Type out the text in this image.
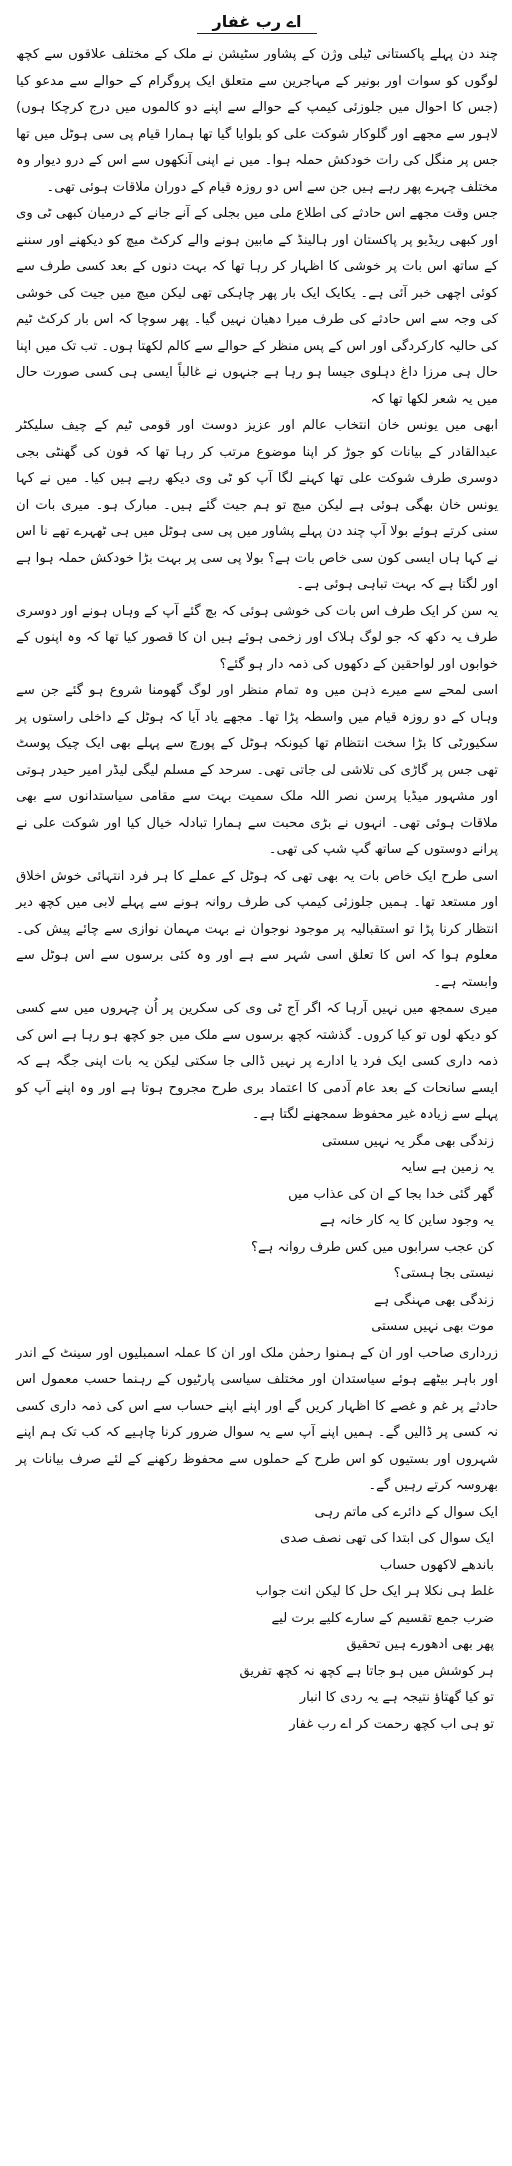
اے رب غفار

چند دن پہلے پاکستانی ٹیلی وژن کے پشاور سٹیشن نے ملک کے مختلف علاقوں سے کچھ لوگوں کو سوات اور بونیر کے مہاجرین سے متعلق ایک پروگرام کے حوالے سے مدعو کیا (جس کا احوال میں جلوزئی کیمپ کے حوالے سے اپنے دو کالموں میں درج کرچکا ہوں) لاہور سے مجھے اور گلوکار شوکت علی کو بلوایا گیا تھا ہمارا قیام پی سی ہوٹل میں تھا جس پر منگل کی رات خودکش حملہ ہوا۔ میں نے اپنی آنکھوں سے اس کے درو دیوار وہ مختلف چہرے پھر رہے ہیں جن سے اس دو روزہ قیام کے دوران ملاقات ہوئی تھی۔

جس وقت مجھے اس حادثے کی اطلاع ملی میں بجلی کے آنے جانے کے درمیان کبھی ٹی وی اور کبھی ریڈیو پر پاکستان اور ہالینڈ کے مابین ہونے والے کرکٹ میچ کو دیکھنے اور سننے کے ساتھ اس بات پر خوشی کا اظہار کر رہا تھا کہ بہت دنوں کے بعد کسی طرف سے کوئی اچھی خبر آئی ہے۔ یکایک ایک بار پھر چاہکی تھی لیکن میچ میں جیت کی خوشی کی وجہ سے اس حادثے کی طرف میرا دھیان نہیں گیا۔ پھر سوچا کہ اس بار کرکٹ ٹیم کی حالیہ کارکردگی اور اس کے پس منظر کے حوالے سے کالم لکھتا ہوں۔ تب تک میں اپنا حال ہی مرزا داغ دہلوی جیسا ہو رہا ہے جنہوں نے غالباً ایسی ہی کسی صورت حال میں یہ شعر لکھا تھا کہ

ابھی میں یونس خان انتخاب عالم اور عزیز دوست اور قومی ٹیم کے چیف سلیکٹر عبدالقادر کے بیانات کو جوڑ کر اپنا موضوع مرتب کر رہا تھا کہ فون کی گھنٹی بجی دوسری طرف شوکت علی تھا کہنے لگا آپ کو ٹی وی دیکھ رہے ہیں کیا۔ میں نے کہا یونس خان بھگی ہوئی ہے لیکن میچ تو ہم جیت گئے ہیں۔ مبارک ہو۔ میری بات ان سنی کرتے ہوئے بولا آپ چند دن پہلے پشاور میں پی سی ہوٹل میں ہی ٹھہرے تھے نا اس نے کہا ہاں ایسی کون سی خاص بات ہے؟ بولا پی سی پر بہت بڑا خودکش حملہ ہوا ہے اور لگتا ہے کہ بہت تباہی ہوئی ہے۔

یہ سن کر ایک طرف اس بات کی خوشی ہوئی کہ بچ گئے آپ کے وہاں ہونے اور دوسری طرف یہ دکھ کہ جو لوگ ہلاک اور زخمی ہوئے ہیں ان کا قصور کیا تھا کہ وہ اپنوں کے خوابوں اور لواحقین کے دکھوں کی ذمہ دار ہو گئے؟

اسی لمحے سے میرے ذہن میں وہ تمام منظر اور لوگ گھومنا شروع ہو گئے جن سے وہاں کے دو روزہ قیام میں واسطہ پڑا تھا۔ مجھے یاد آیا کہ ہوٹل کے داخلی راستوں پر سکیورٹی کا بڑا سخت انتظام تھا کیونکہ ہوٹل کے پورچ سے پہلے بھی ایک چیک پوسٹ تھی جس پر گاڑی کی تلاشی لی جاتی تھی۔ سرحد کے مسلم لیگی لیڈر امیر حیدر ہوتی اور مشہور میڈیا پرسن نصر اللہ ملک سمیت بہت سے مقامی سیاستدانوں سے بھی ملاقات ہوئی تھی۔ انہوں نے بڑی محبت سے ہمارا تبادلہ خیال کیا اور شوکت علی نے پرانے دوستوں کے ساتھ گپ شپ کی تھی۔

اسی طرح ایک خاص بات یہ بھی تھی کہ ہوٹل کے عملے کا ہر فرد انتہائی خوش اخلاق اور مستعد تھا۔ ہمیں جلوزئی کیمپ کی طرف روانہ ہونے سے پہلے لابی میں کچھ دیر انتظار کرنا پڑا تو استقبالیہ پر موجود نوجوان نے بہت مہمان نوازی سے چائے پیش کی۔ معلوم ہوا کہ اس کا تعلق اسی شہر سے ہے اور وہ کئی برسوں سے اس ہوٹل سے وابستہ ہے۔

میری سمجھ میں نہیں آرہا کہ اگر آج ٹی وی کی سکرین پر اُن چہروں میں سے کسی کو دیکھ لوں تو کیا کروں۔ گذشتہ کچھ برسوں سے ملک میں جو کچھ ہو رہا ہے اس کی ذمہ داری کسی ایک فرد یا ادارے پر نہیں ڈالی جا سکتی لیکن یہ بات اپنی جگہ ہے کہ ایسے سانحات کے بعد عام آدمی کا اعتماد بری طرح مجروح ہوتا ہے اور وہ اپنے آپ کو پہلے سے زیادہ غیر محفوظ سمجھنے لگتا ہے۔

زندگی بھی مگر یہ نہیں سستی
یہ زمین ہے سایہ
گھر گئی خدا بجا کے ان کی عذاب میں
یہ وجود ساین کا یہ کار خانہ ہے
کن عجب سرابوں میں کس طرف روانہ ہے؟
نیستی بجا ہستی؟
زندگی بھی مہنگی ہے
موت بھی نہیں سستی

زرداری صاحب اور ان کے ہمنوا رحمٰن ملک اور ان کا عملہ اسمبلیوں اور سینٹ کے اندر اور باہر بیٹھے ہوئے سیاستدان اور مختلف سیاسی پارٹیوں کے رہنما حسب معمول اس حادثے پر غم و غصے کا اظہار کریں گے اور اپنے اپنے حساب سے اس کی ذمہ داری کسی نہ کسی پر ڈالیں گے۔ ہمیں اپنے آپ سے یہ سوال ضرور کرنا چاہیے کہ کب تک ہم اپنے شہروں اور بستیوں کو اس طرح کے حملوں سے محفوظ رکھنے کے لئے صرف بیانات پر بھروسہ کرتے رہیں گے۔

ایک سوال کے دائرے کی ماتم رہی

ایک سوال کی ابتدا کی تھی نصف صدی
باندھے لاکھوں حساب
غلط ہی نکلا ہر ایک حل کا لیکن انت جواب
ضرب جمع تقسیم کے سارے کلیے برت لیے
پھر بھی ادھورے ہیں تحقیق
ہر کوشش میں ہو جاتا ہے کچھ نہ کچھ تفریق
تو کیا گھتاؤ نتیجہ ہے یہ ردی کا انبار
تو ہی اب کچھ رحمت کر اے رب غفار
